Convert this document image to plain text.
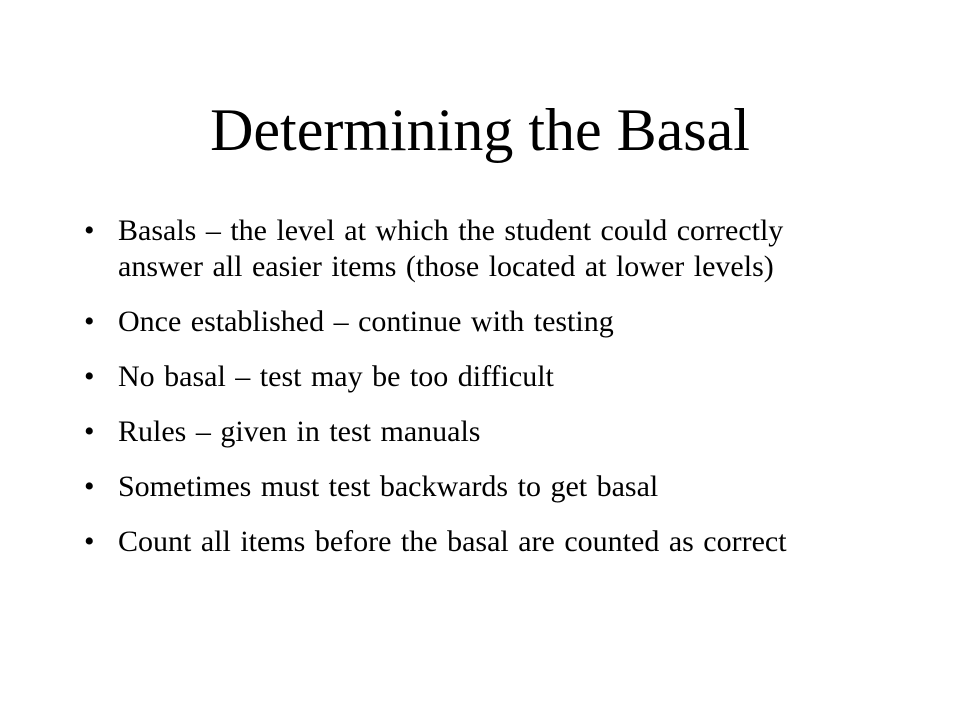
Determining the Basal
• Basals – the level at which the student could correctly answer all easier items (those located at lower levels)
• Once established – continue with testing
• No basal – test may be too difficult
• Rules – given in test manuals
• Sometimes must test backwards to get basal
• Count all items before the basal are counted as correct
